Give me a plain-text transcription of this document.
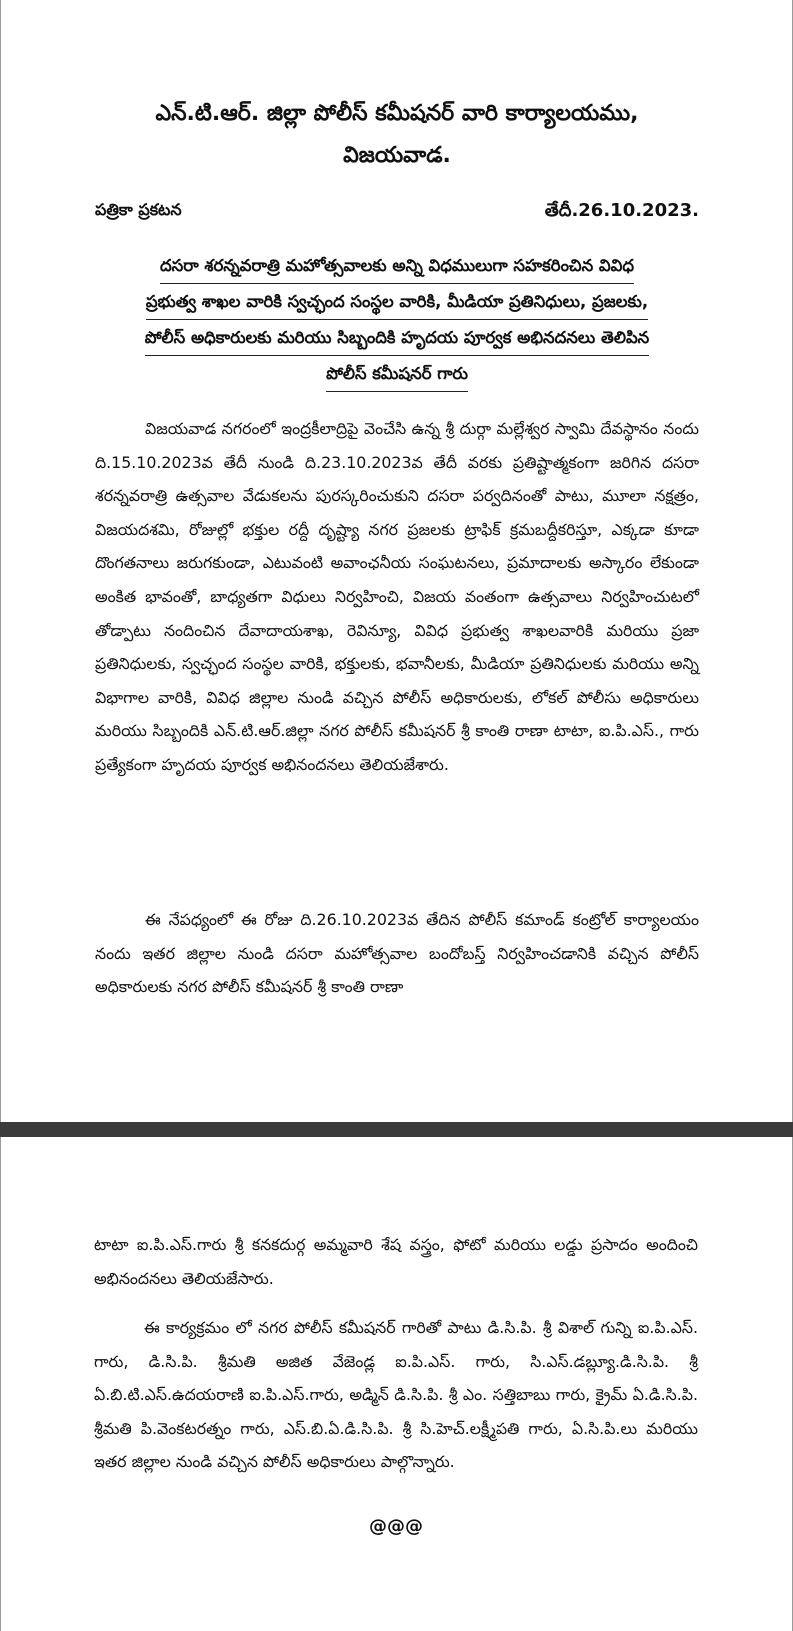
ఎన్.టి.ఆర్. జిల్లా పోలీస్ కమీషనర్ వారి కార్యాలయము,
విజయవాడ.
పత్రికా ప్రకటన	తేదీ.26.10.2023.
దసరా శరన్నవరాత్రి మహోత్సవాలకు అన్ని విధములుగా సహకరించిన వివిధ
ప్రభుత్వ శాఖల వారికి స్వచ్ఛంద సంస్థల వారికి, మీడియా ప్రతినిధులు, ప్రజలకు,
పోలీస్ అధికారులకు మరియు సిబ్బందికి హృదయ పూర్వక అభినదనలు తెలిపిన
పోలీస్ కమీషనర్ గారు
విజయవాడ నగరంలో ఇంద్రకీలాద్రిపై వెంచేసి ఉన్న శ్రీ దుర్గా మల్లేశ్వర స్వామి దేవస్థానం నందు ది.15.10.2023వ తేదీ నుండి ది.23.10.2023వ తేదీ వరకు ప్రతిష్టాత్మకంగా జరిగిన దసరా శరన్నవరాత్రి ఉత్సవాల వేడుకలను పురస్కరించుకుని దసరా పర్వదినంతో పాటు, మూలా నక్షత్రం, విజయదశమి, రోజుల్లో భక్తుల రద్దీ దృష్ట్యా నగర ప్రజలకు ట్రాఫిక్ క్రమబద్దీకరిస్తూ, ఎక్కడా కూడా దొంగతనాలు జరుగకుండా, ఎటువంటి అవాంఛనీయ సంఘటనలు, ప్రమాదాలకు అస్కారం లేకుండా అంకిత భావంతో, బాధ్యతగా విధులు నిర్వహించి, విజయ వంతంగా ఉత్సవాలు నిర్వహించుటలో తోడ్పాటు నందించిన దేవాదాయశాఖ, రెవిన్యూ, వివిధ ప్రభుత్వ శాఖలవారికి మరియు ప్రజా ప్రతినిధులకు, స్వచ్ఛంద సంస్థల వారికి, భక్తులకు, భవానీలకు, మీడియా ప్రతినిధులకు మరియు అన్ని విభాగాల వారికి, వివిధ జిల్లాల నుండి వచ్చిన పోలీస్ అధికారులకు, లోకల్ పోలీసు అధికారులు మరియు సిబ్బందికి ఎన్.టి.ఆర్.జిల్లా నగర పోలీస్ కమీషనర్ శ్రీ కాంతి రాణా టాటా, ఐ.పి.ఎస్., గారు ప్రత్యేకంగా హృదయ పూర్వక అభినందనలు తెలియజేశారు.
ఈ నేపధ్యంలో ఈ రోజు ది.26.10.2023వ తేదిన పోలీస్ కమాండ్ కంట్రోల్ కార్యాలయం నందు ఇతర జిల్లాల నుండి దసరా మహోత్సవాల బందోబస్త్ నిర్వహించడానికి వచ్చిన పోలీస్ అధికారులకు నగర పోలీస్ కమీషనర్ శ్రీ కాంతి రాణా
టాటా ఐ.పి.ఎస్.గారు శ్రీ కనకదుర్గ అమ్మవారి శేష వస్త్రం, ఫోటో మరియు లడ్డు ప్రసాదం అందించి అభినందనలు తెలియజేసారు.
ఈ కార్యక్రమం లో నగర పోలీస్ కమీషనర్ గారితో పాటు డి.సి.పి. శ్రీ విశాల్ గున్ని ఐ.పి.ఎస్. గారు, డి.సి.పి. శ్రీమతి అజిత వేజెండ్ల ఐ.పి.ఎస్. గారు, సి.ఎస్.డబ్ల్యూ.డి.సి.పి. శ్రీ ఏ.బి.టి.ఎస్.ఉదయరాణి ఐ.పి.ఎస్.గారు, అడ్మిన్ డి.సి.పి. శ్రీ ఎం. సత్తిబాబు గారు, క్రైమ్ ఏ.డి.సి.పి. శ్రీమతి పి.వెంకటరత్నం గారు, ఎస్.బి.ఏ.డి.సి.పి. శ్రీ సి.హెచ్.లక్ష్మీపతి గారు, ఏ.సి.పి.లు మరియు ఇతర జిల్లాల నుండి వచ్చిన పోలీస్ అధికారులు పాల్గొన్నారు.
@@@
